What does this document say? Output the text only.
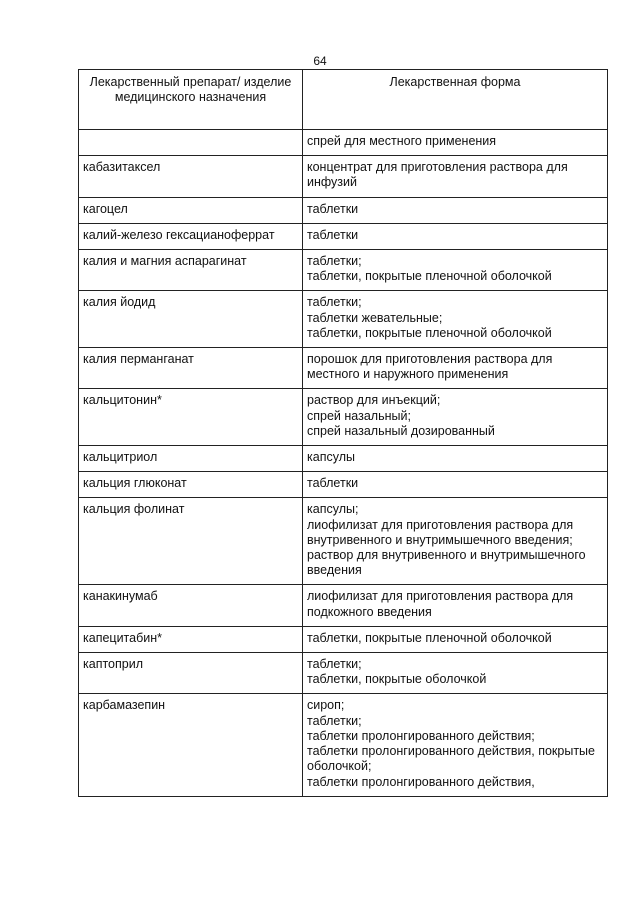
64
Лекарственный препарат/ изделие медицинского назначения	Лекарственная форма

	спрей для местного применения

кабазитаксел	концентрат для приготовления раствора для инфузий

кагоцел	таблетки

калий-железо гексацианоферрат	таблетки

калия и магния аспарагинат	таблетки;
таблетки, покрытые пленочной оболочкой

калия йодид	таблетки;
таблетки жевательные;
таблетки, покрытые пленочной оболочкой

калия перманганат	порошок для приготовления раствора для местного и наружного применения

кальцитонин*	раствор для инъекций;
спрей назальный;
спрей назальный дозированный

кальцитриол	капсулы

кальция глюконат	таблетки

кальция фолинат	капсулы;
лиофилизат для приготовления раствора для внутривенного и внутримышечного введения;
раствор для внутривенного и внутримышечного введения

канакинумаб	лиофилизат для приготовления раствора для подкожного введения

капецитабин*	таблетки, покрытые пленочной оболочкой

каптоприл	таблетки;
таблетки, покрытые оболочкой

карбамазепин	сироп;
таблетки;
таблетки пролонгированного действия;
таблетки пролонгированного действия, покрытые оболочкой;
таблетки пролонгированного действия,
